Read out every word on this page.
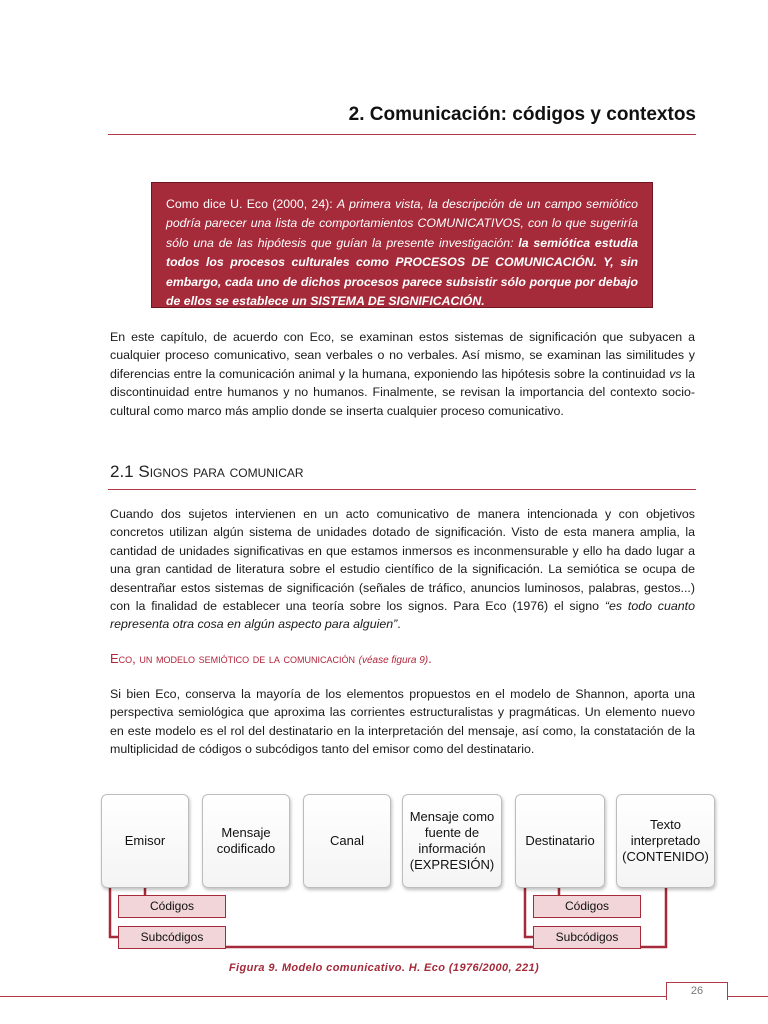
2. Comunicación: códigos y contextos
Como dice U. Eco (2000, 24): A primera vista, la descripción de un campo semiótico podría parecer una lista de comportamientos COMUNICATIVOS, con lo que sugeriría sólo una de las hipótesis que guían la presente investigación: la semiótica estudia todos los procesos culturales como PROCESOS DE COMUNICACIÓN. Y, sin embargo, cada uno de dichos procesos parece subsistir sólo porque por debajo de ellos se establece un SISTEMA DE SIGNIFICACIÓN.

En este capítulo, de acuerdo con Eco, se examinan estos sistemas de significación que subyacen a cualquier proceso comunicativo, sean verbales o no verbales. Así mismo, se examinan las similitudes y diferencias entre la comunicación animal y la humana, exponiendo las hipótesis sobre la continuidad vs la discontinuidad entre humanos y no humanos. Finalmente, se revisan la importancia del contexto socio-cultural como marco más amplio donde se inserta cualquier proceso comunicativo.

2.1 Signos para comunicar

Cuando dos sujetos intervienen en un acto comunicativo de manera intencionada y con objetivos concretos utilizan algún sistema de unidades dotado de significación. Visto de esta manera amplia, la cantidad de unidades significativas en que estamos inmersos es inconmensurable y ello ha dado lugar a una gran cantidad de literatura sobre el estudio científico de la significación. La semiótica se ocupa de desentrañar estos sistemas de significación (señales de tráfico, anuncios luminosos, palabras, gestos...) con la finalidad de establecer una teoría sobre los signos. Para Eco (1976) el signo “es todo cuanto representa otra cosa en algún aspecto para alguien”.

Eco, un modelo semiótico de la comunicación (véase figura 9).

Si bien Eco, conserva la mayoría de los elementos propuestos en el modelo de Shannon, aporta una perspectiva semiológica que aproxima las corrientes estructuralistas y pragmáticas. Un elemento nuevo en este modelo es el rol del destinatario en la interpretación del mensaje, así como, la constatación de la multiplicidad de códigos o subcódigos tanto del emisor como del destinatario.

Emisor
Mensaje codificado
Canal
Mensaje como fuente de información (EXPRESIÓN)
Destinatario
Texto interpretado (CONTENIDO)
Códigos
Subcódigos
Códigos
Subcódigos
Figura 9. Modelo comunicativo. H. Eco (1976/2000, 221)
26
